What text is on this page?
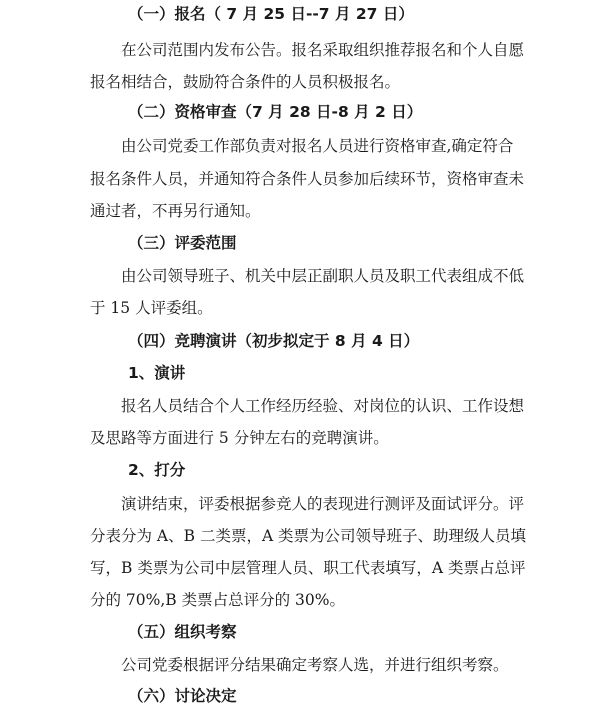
（一）报名（ 7 月 25 日--7 月 27 日）
在公司范围内发布公告。报名采取组织推荐报名和个人自愿
报名相结合，鼓励符合条件的人员积极报名。
（二）资格审查（7 月 28 日-8 月 2 日）
由公司党委工作部负责对报名人员进行资格审查,确定符合
报名条件人员，并通知符合条件人员参加后续环节，资格审查未
通过者，不再另行通知。
（三）评委范围
由公司领导班子、机关中层正副职人员及职工代表组成不低
于 15 人评委组。
（四）竞聘演讲（初步拟定于 8 月 4 日）
1、演讲
报名人员结合个人工作经历经验、对岗位的认识、工作设想
及思路等方面进行 5 分钟左右的竞聘演讲。
2、打分
演讲结束，评委根据参竞人的表现进行测评及面试评分。评
分表分为 A、B 二类票，A 类票为公司领导班子、助理级人员填
写，B 类票为公司中层管理人员、职工代表填写，A 类票占总评
分的 70%,B 类票占总评分的 30%。
（五）组织考察
公司党委根据评分结果确定考察人选，并进行组织考察。
（六）讨论决定
